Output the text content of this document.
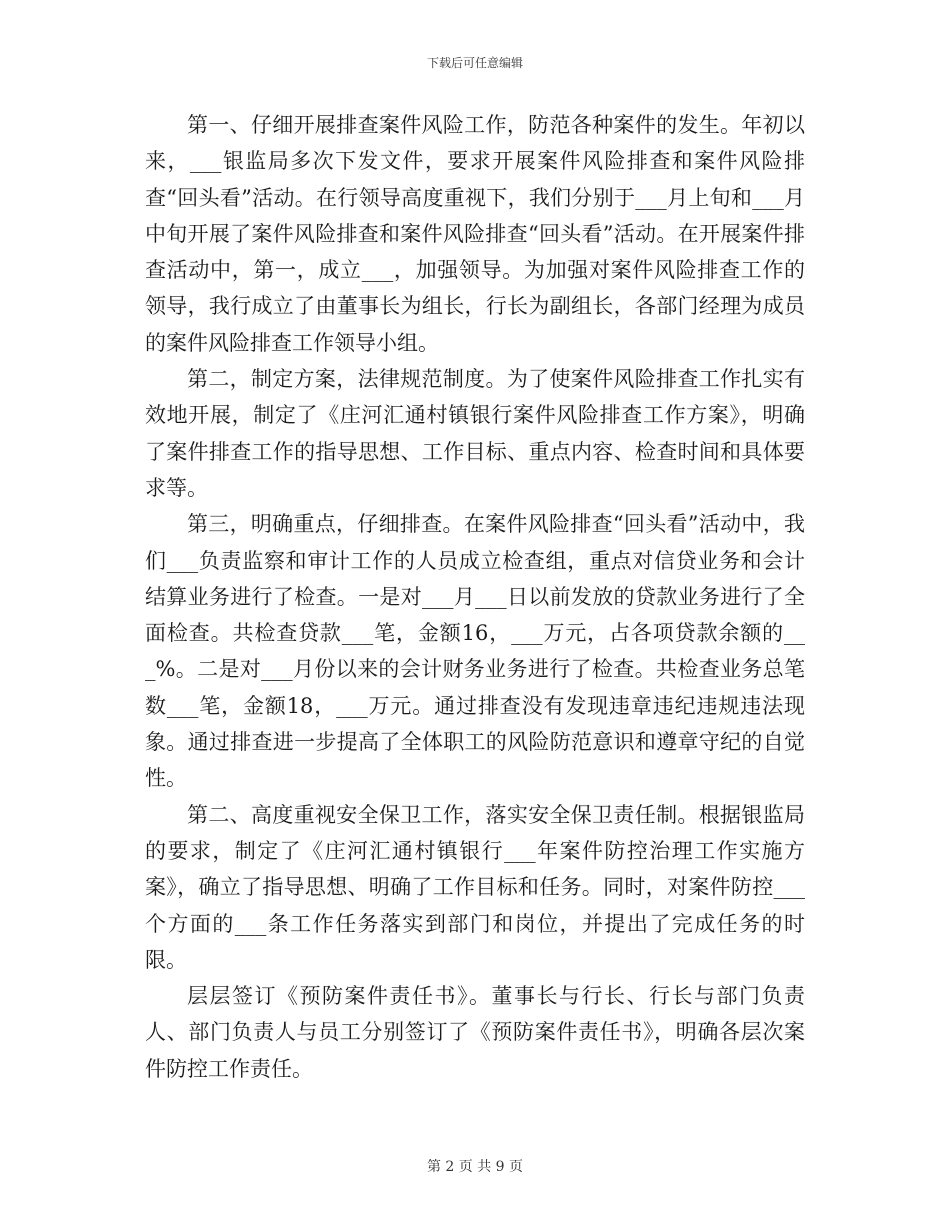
下载后可任意编辑

第一、仔细开展排查案件风险工作，防范各种案件的发生。年初以来，___银监局多次下发文件，要求开展案件风险排查和案件风险排查“回头看”活动。在行领导高度重视下，我们分别于___月上旬和___月中旬开展了案件风险排查和案件风险排查“回头看”活动。在开展案件排查活动中，第一，成立___，加强领导。为加强对案件风险排查工作的领导，我行成立了由董事长为组长，行长为副组长，各部门经理为成员的案件风险排查工作领导小组。

第二，制定方案，法律规范制度。为了使案件风险排查工作扎实有效地开展，制定了《庄河汇通村镇银行案件风险排查工作方案》，明确了案件排查工作的指导思想、工作目标、重点内容、检查时间和具体要求等。

第三，明确重点，仔细排查。在案件风险排查“回头看”活动中，我们___负责监察和审计工作的人员成立检查组，重点对信贷业务和会计结算业务进行了检查。一是对___月___日以前发放的贷款业务进行了全面检查。共检查贷款___笔，金额16，___万元，占各项贷款余额的___%。二是对___月份以来的会计财务业务进行了检查。共检查业务总笔数___笔，金额18，___万元。通过排查没有发现违章违纪违规违法现象。通过排查进一步提高了全体职工的风险防范意识和遵章守纪的自觉性。

第二、高度重视安全保卫工作，落实安全保卫责任制。根据银监局的要求，制定了《庄河汇通村镇银行___年案件防控治理工作实施方案》，确立了指导思想、明确了工作目标和任务。同时，对案件防控___个方面的___条工作任务落实到部门和岗位，并提出了完成任务的时限。

层层签订《预防案件责任书》。董事长与行长、行长与部门负责人、部门负责人与员工分别签订了《预防案件责任书》，明确各层次案件防控工作责任。

第 2 页 共 9 页
